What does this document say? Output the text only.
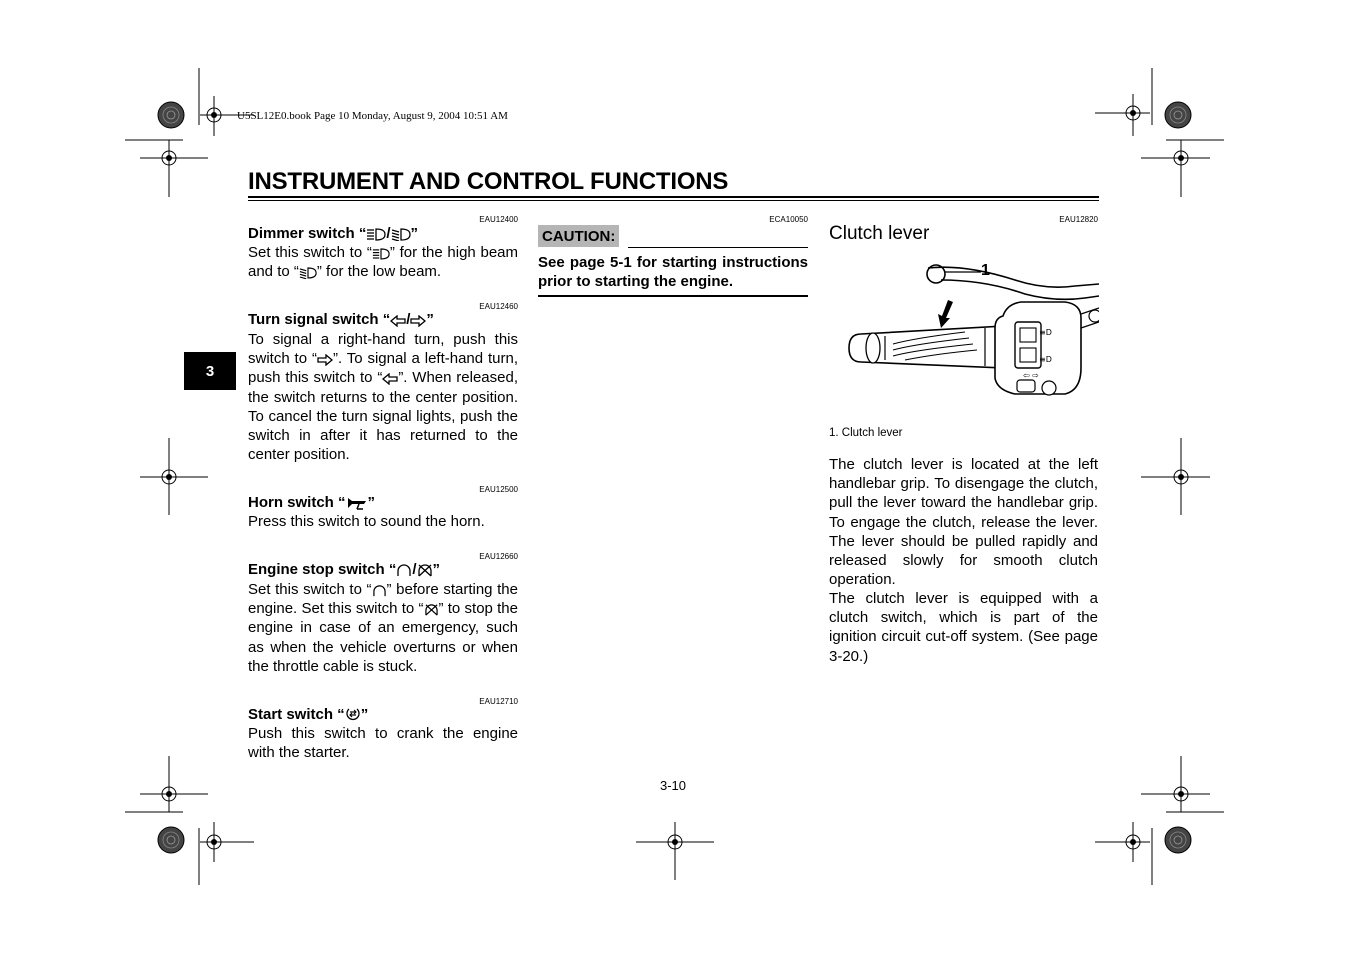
U5SL12E0.book Page 10 Monday, August 9, 2004 10:51 AM
INSTRUMENT AND CONTROL FUNCTIONS
3
EAU12400
Dimmer switch “ / ”
Set this switch to “ ” for the high beam and to “ ” for the low beam.
EAU12460
Turn signal switch “ / ”
To signal a right-hand turn, push this switch to “ ”. To signal a left-hand turn, push this switch to “ ”. When released, the switch returns to the center position. To cancel the turn signal lights, push the switch in after it has returned to the center position.
EAU12500
Horn switch “ ”
Press this switch to sound the horn.
EAU12660
Engine stop switch “ / ”
Set this switch to “ ” before starting the engine. Set this switch to “ ” to stop the engine in case of an emergency, such as when the vehicle overturns or when the throttle cable is stuck.
EAU12710
Start switch “ ”
Push this switch to crank the engine with the starter.
ECA10050
CAUTION:
See page 5-1 for starting instructions prior to starting the engine.
EAU12820
Clutch lever
≡D
≡D
⇦ ⇨
1
1. Clutch lever
The clutch lever is located at the left handlebar grip. To disengage the clutch, pull the lever toward the handlebar grip. To engage the clutch, release the lever. The lever should be pulled rapidly and released slowly for smooth clutch operation.
The clutch lever is equipped with a clutch switch, which is part of the ignition circuit cut-off system. (See page 3-20.)
3-10
